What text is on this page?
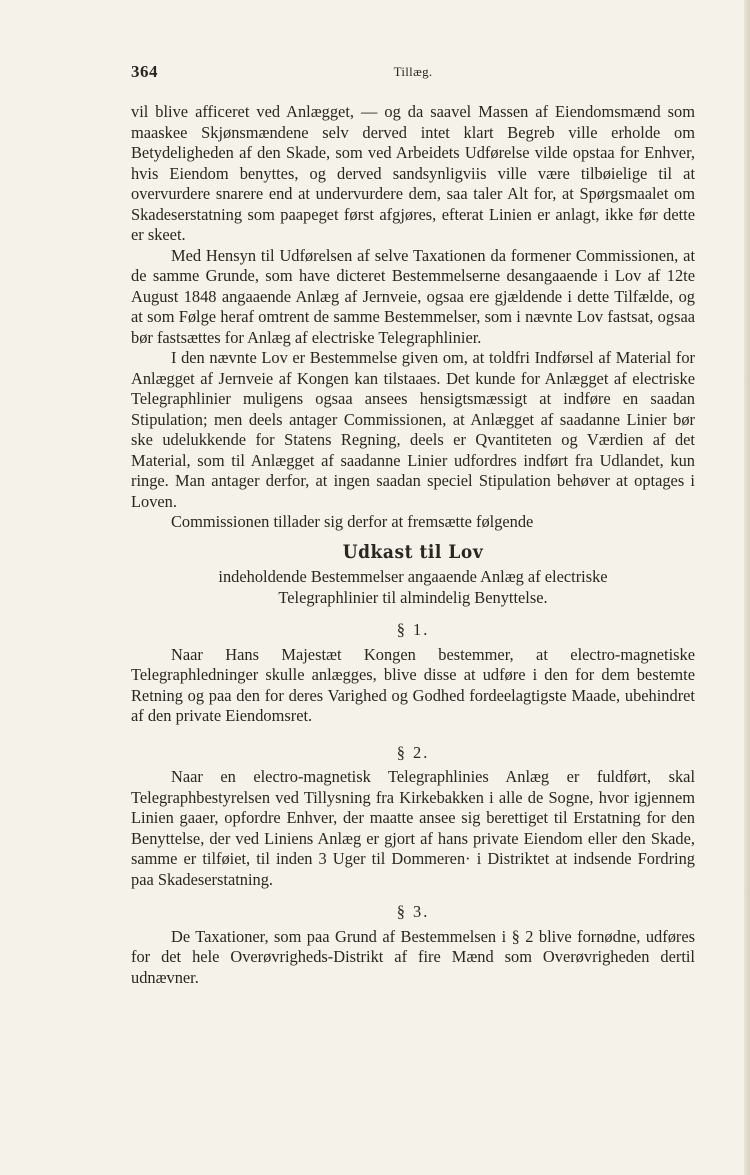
364	Tillæg.

vil blive afficeret ved Anlægget, — og da saavel Massen af Eiendomsmænd som maaskee Skjønsmændene selv derved intet klart Begreb ville erholde om Betydeligheden af den Skade, som ved Arbeidets Udførelse vilde opstaa for Enhver, hvis Eiendom benyttes, og derved sandsynligviis ville være tilbøielige til at overvurdere snarere end at undervurdere dem, saa taler Alt for, at Spørgsmaalet om Skadeserstatning som paapeget først afgjøres, efterat Linien er anlagt, ikke før dette er skeet.

Med Hensyn til Udførelsen af selve Taxationen da formener Commissionen, at de samme Grunde, som have dicteret Bestemmelserne desangaaende i Lov af 12te August 1848 angaaende Anlæg af Jernveie, ogsaa ere gjældende i dette Tilfælde, og at som Følge heraf omtrent de samme Bestemmelser, som i nævnte Lov fastsat, ogsaa bør fastsættes for Anlæg af electriske Telegraphlinier.

I den nævnte Lov er Bestemmelse given om, at toldfri Indførsel af Material for Anlægget af Jernveie af Kongen kan tilstaaes. Det kunde for Anlægget af electriske Telegraphlinier muligens ogsaa ansees hensigtsmæssigt at indføre en saadan Stipulation; men deels antager Commissionen, at Anlægget af saadanne Linier bør ske udelukkende for Statens Regning, deels er Qvantiteten og Værdien af det Material, som til Anlægget af saadanne Linier udfordres indført fra Udlandet, kun ringe. Man antager derfor, at ingen saadan speciel Stipulation behøver at optages i Loven.

Commissionen tillader sig derfor at fremsætte følgende

Udkast til Lov

indeholdende Bestemmelser angaaende Anlæg af electriske Telegraphlinier til almindelig Benyttelse.

§ 1.

Naar Hans Majestæt Kongen bestemmer, at electro-magnetiske Telegraphledninger skulle anlægges, blive disse at udføre i den for dem bestemte Retning og paa den for deres Varighed og Godhed fordeelagtigste Maade, ubehindret af den private Eiendomsret.

§ 2.

Naar en electro-magnetisk Telegraphlinies Anlæg er fuldført, skal Telegraphbestyrelsen ved Tillysning fra Kirkebakken i alle de Sogne, hvor igjennem Linien gaaer, opfordre Enhver, der maatte ansee sig berettiget til Erstatning for den Benyttelse, der ved Liniens Anlæg er gjort af hans private Eiendom eller den Skade, samme er tilføiet, til inden 3 Uger til Dommeren· i Distriktet at indsende Fordring paa Skadeserstatning.

§ 3.

De Taxationer, som paa Grund af Bestemmelsen i § 2 blive fornødne, udføres for det hele Overøvrigheds-Distrikt af fire Mænd som Overøvrigheden dertil udnævner.
